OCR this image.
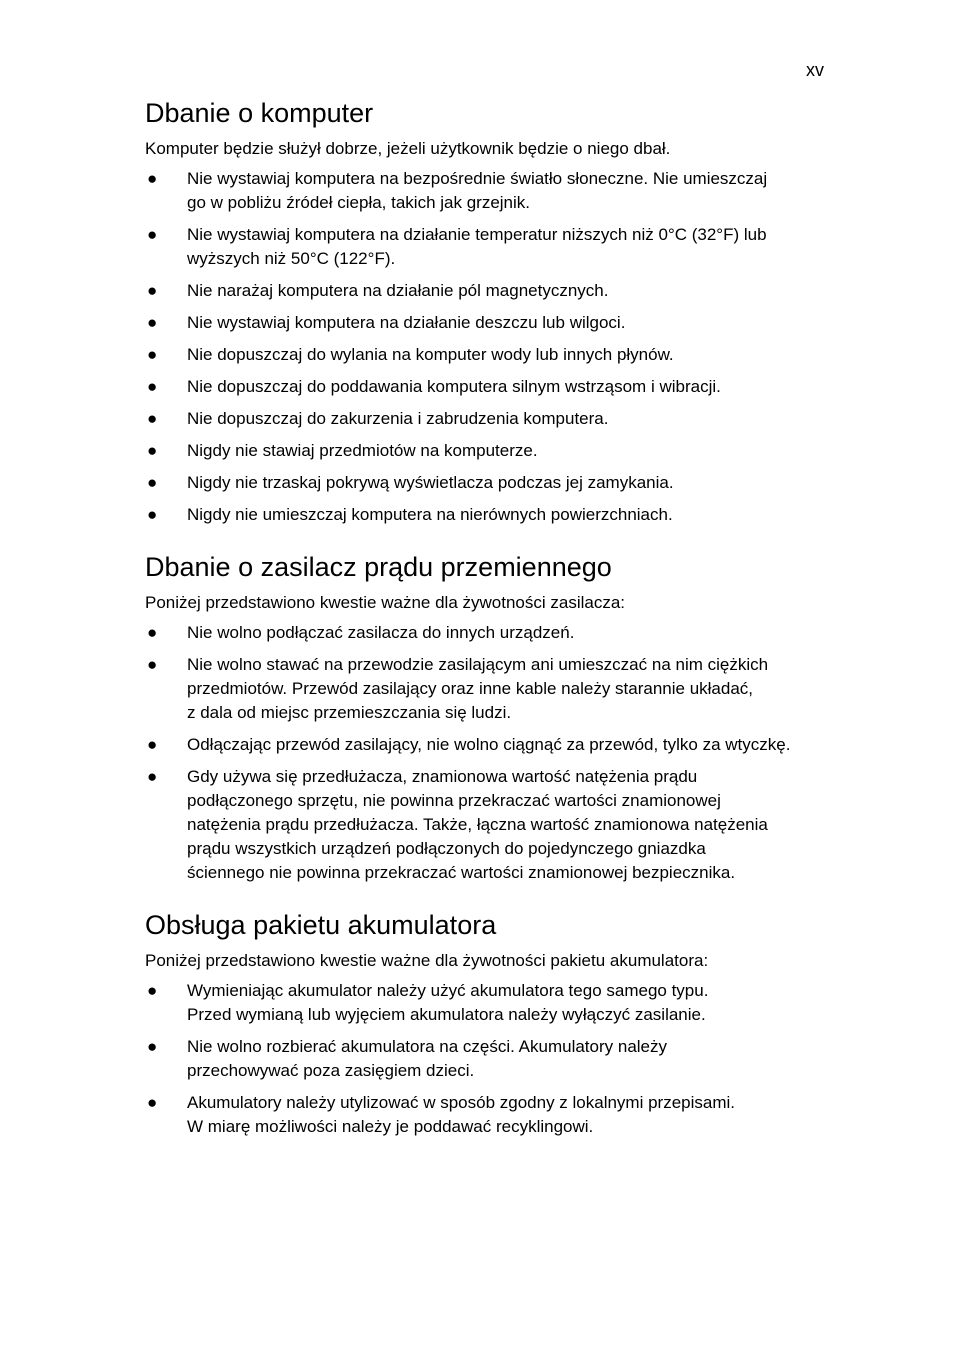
xv
Dbanie o komputer

Komputer będzie służył dobrze, jeżeli użytkownik będzie o niego dbał.

● Nie wystawiaj komputera na bezpośrednie światło słoneczne. Nie umieszczaj
go w pobliżu źródeł ciepła, takich jak grzejnik.
● Nie wystawiaj komputera na działanie temperatur niższych niż 0°C (32°F) lub
wyższych niż 50°C (122°F).
● Nie narażaj komputera na działanie pól magnetycznych.
● Nie wystawiaj komputera na działanie deszczu lub wilgoci.
● Nie dopuszczaj do wylania na komputer wody lub innych płynów.
● Nie dopuszczaj do poddawania komputera silnym wstrząsom i wibracji.
● Nie dopuszczaj do zakurzenia i zabrudzenia komputera.
● Nigdy nie stawiaj przedmiotów na komputerze.
● Nigdy nie trzaskaj pokrywą wyświetlacza podczas jej zamykania.
● Nigdy nie umieszczaj komputera na nierównych powierzchniach.
Dbanie o zasilacz prądu przemiennego

Poniżej przedstawiono kwestie ważne dla żywotności zasilacza:

● Nie wolno podłączać zasilacza do innych urządzeń.
● Nie wolno stawać na przewodzie zasilającym ani umieszczać na nim ciężkich
przedmiotów. Przewód zasilający oraz inne kable należy starannie układać,
z dala od miejsc przemieszczania się ludzi.
● Odłączając przewód zasilający, nie wolno ciągnąć za przewód, tylko za wtyczkę.
● Gdy używa się przedłużacza, znamionowa wartość natężenia prądu
podłączonego sprzętu, nie powinna przekraczać wartości znamionowej
natężenia prądu przedłużacza. Także, łączna wartość znamionowa natężenia
prądu wszystkich urządzeń podłączonych do pojedynczego gniazdka
ściennego nie powinna przekraczać wartości znamionowej bezpiecznika.
Obsługa pakietu akumulatora

Poniżej przedstawiono kwestie ważne dla żywotności pakietu akumulatora:

● Wymieniając akumulator należy użyć akumulatora tego samego typu.
Przed wymianą lub wyjęciem akumulatora należy wyłączyć zasilanie.
● Nie wolno rozbierać akumulatora na części. Akumulatory należy
przechowywać poza zasięgiem dzieci.
● Akumulatory należy utylizować w sposób zgodny z lokalnymi przepisami.
W miarę możliwości należy je poddawać recyklingowi.
